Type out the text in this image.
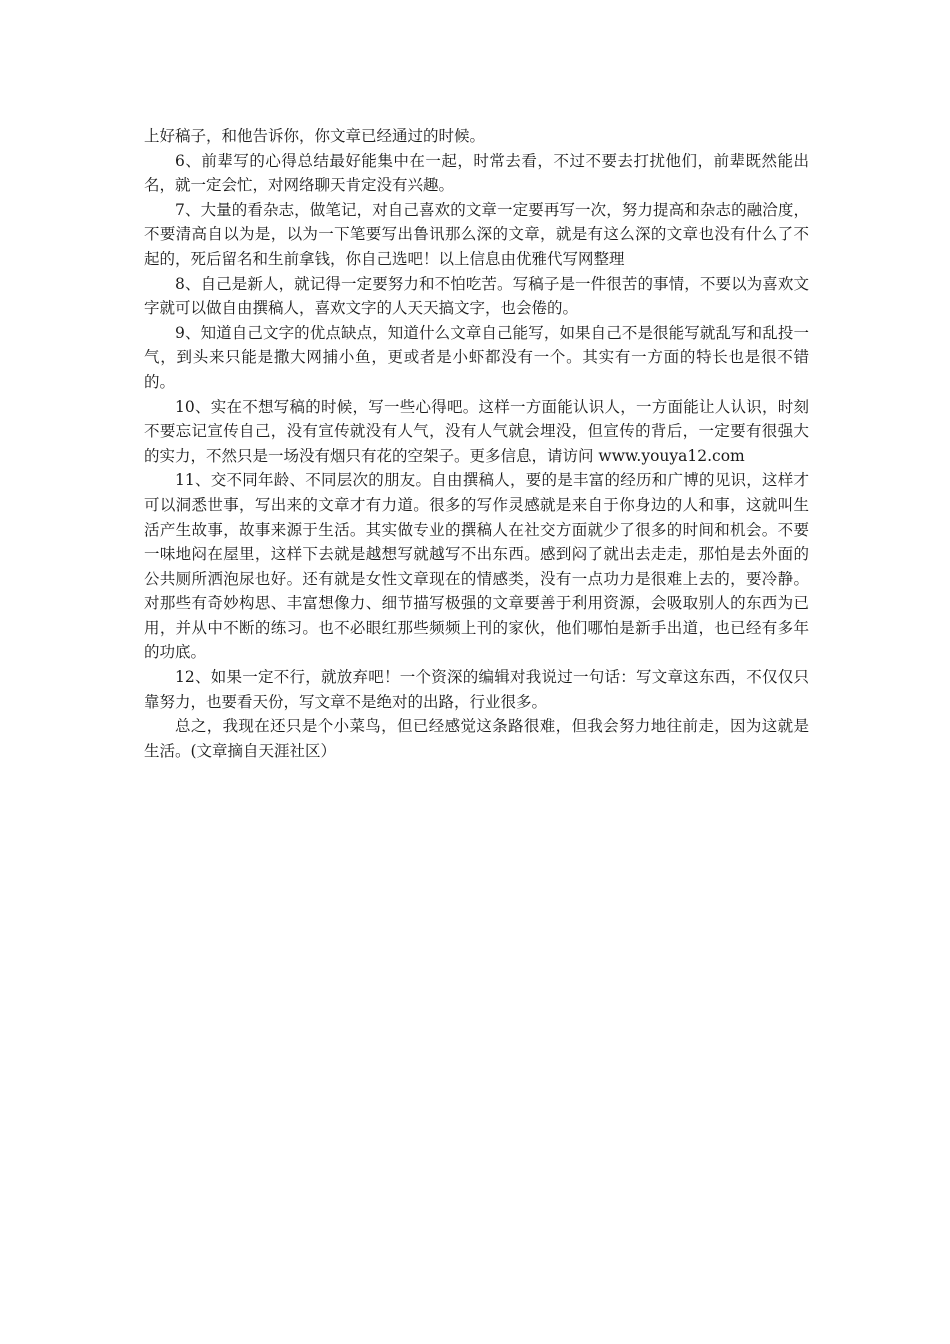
上好稿子，和他告诉你，你文章已经通过的时候。

6、前辈写的心得总结最好能集中在一起，时常去看，不过不要去打扰他们，前辈既然能出名，就一定会忙，对网络聊天肯定没有兴趣。

7、大量的看杂志，做笔记，对自己喜欢的文章一定要再写一次，努力提高和杂志的融洽度，不要清高自以为是，以为一下笔要写出鲁讯那么深的文章，就是有这么深的文章也没有什么了不起的，死后留名和生前拿钱，你自己选吧！以上信息由优雅代写网整理

8、自己是新人，就记得一定要努力和不怕吃苦。写稿子是一件很苦的事情，不要以为喜欢文字就可以做自由撰稿人，喜欢文字的人天天搞文字，也会倦的。

9、知道自己文字的优点缺点，知道什么文章自己能写，如果自己不是很能写就乱写和乱投一气，到头来只能是撒大网捕小鱼，更或者是小虾都没有一个。其实有一方面的特长也是很不错的。

10、实在不想写稿的时候，写一些心得吧。这样一方面能认识人，一方面能让人认识，时刻不要忘记宣传自己，没有宣传就没有人气，没有人气就会埋没，但宣传的背后，一定要有很强大的实力，不然只是一场没有烟只有花的空架子。更多信息，请访问 www.youya12.com

11、交不同年龄、不同层次的朋友。自由撰稿人，要的是丰富的经历和广博的见识，这样才可以洞悉世事，写出来的文章才有力道。很多的写作灵感就是来自于你身边的人和事，这就叫生活产生故事，故事来源于生活。其实做专业的撰稿人在社交方面就少了很多的时间和机会。不要一味地闷在屋里，这样下去就是越想写就越写不出东西。感到闷了就出去走走，那怕是去外面的公共厕所洒泡尿也好。还有就是女性文章现在的情感类，没有一点功力是很难上去的，要冷静。对那些有奇妙构思、丰富想像力、细节描写极强的文章要善于利用资源，会吸取别人的东西为已用，并从中不断的练习。也不必眼红那些频频上刊的家伙，他们哪怕是新手出道，也已经有多年的功底。

12、如果一定不行，就放弃吧！一个资深的编辑对我说过一句话：写文章这东西，不仅仅只靠努力，也要看天份，写文章不是绝对的出路，行业很多。

总之，我现在还只是个小菜鸟，但已经感觉这条路很难，但我会努力地往前走，因为这就是生活。(文章摘自天涯社区）
